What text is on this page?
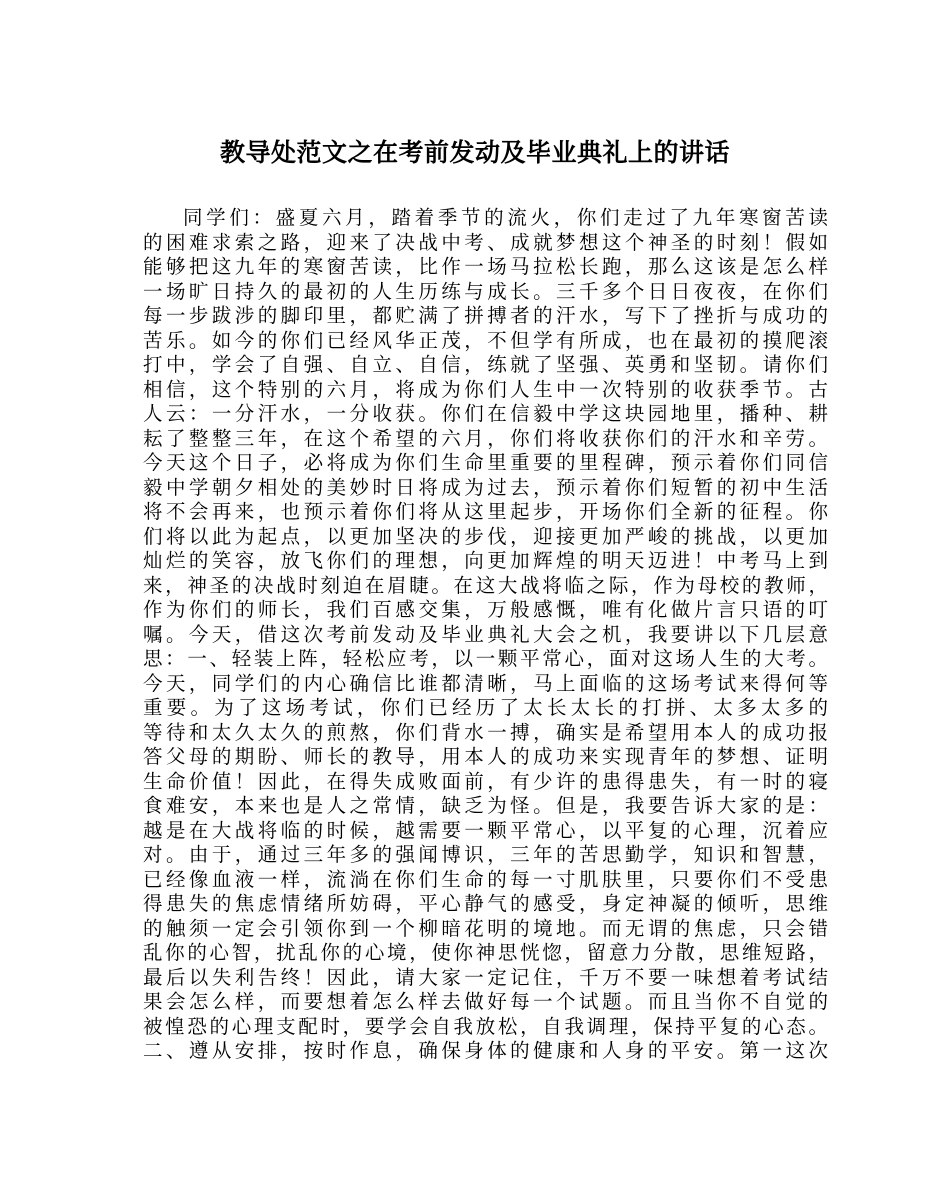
教导处范文之在考前发动及毕业典礼上的讲话
同学们：盛夏六月，踏着季节的流火，你们走过了九年寒窗苦读
的困难求索之路，迎来了决战中考、成就梦想这个神圣的时刻！假如
能够把这九年的寒窗苦读，比作一场马拉松长跑，那么这该是怎么样
一场旷日持久的最初的人生历练与成长。三千多个日日夜夜，在你们
每一步跋涉的脚印里，都贮满了拼搏者的汗水，写下了挫折与成功的
苦乐。如今的你们已经风华正茂，不但学有所成，也在最初的摸爬滚
打中，学会了自强、自立、自信，练就了坚强、英勇和坚韧。请你们
相信，这个特别的六月，将成为你们人生中一次特别的收获季节。古
人云：一分汗水，一分收获。你们在信毅中学这块园地里，播种、耕
耘了整整三年，在这个希望的六月，你们将收获你们的汗水和辛劳。
今天这个日子，必将成为你们生命里重要的里程碑，预示着你们同信
毅中学朝夕相处的美妙时日将成为过去，预示着你们短暂的初中生活
将不会再来，也预示着你们将从这里起步，开场你们全新的征程。你
们将以此为起点，以更加坚决的步伐，迎接更加严峻的挑战，以更加
灿烂的笑容，放飞你们的理想，向更加辉煌的明天迈进！中考马上到
来，神圣的决战时刻迫在眉睫。在这大战将临之际，作为母校的教师，
作为你们的师长，我们百感交集，万般感慨，唯有化做片言只语的叮
嘱。今天，借这次考前发动及毕业典礼大会之机，我要讲以下几层意
思：一、轻装上阵，轻松应考，以一颗平常心，面对这场人生的大考。
今天，同学们的内心确信比谁都清晰，马上面临的这场考试来得何等
重要。为了这场考试，你们已经历了太长太长的打拼、太多太多的
等待和太久太久的煎熬，你们背水一搏，确实是希望用本人的成功报
答父母的期盼、师长的教导，用本人的成功来实现青年的梦想、证明
生命价值！因此，在得失成败面前，有少许的患得患失，有一时的寝
食难安，本来也是人之常情，缺乏为怪。但是，我要告诉大家的是：
越是在大战将临的时候，越需要一颗平常心，以平复的心理，沉着应
对。由于，通过三年多的强闻博识，三年的苦思勤学，知识和智慧，
已经像血液一样，流淌在你们生命的每一寸肌肤里，只要你们不受患
得患失的焦虑情绪所妨碍，平心静气的感受，身定神凝的倾听，思维
的触须一定会引领你到一个柳暗花明的境地。而无谓的焦虑，只会错
乱你的心智，扰乱你的心境，使你神思恍惚，留意力分散，思维短路，
最后以失利告终！因此，请大家一定记住，千万不要一味想着考试结
果会怎么样，而要想着怎么样去做好每一个试题。而且当你不自觉的
被惶恐的心理支配时，要学会自我放松，自我调理，保持平复的心态。
二、遵从安排，按时作息，确保身体的健康和人身的平安。第一这次
